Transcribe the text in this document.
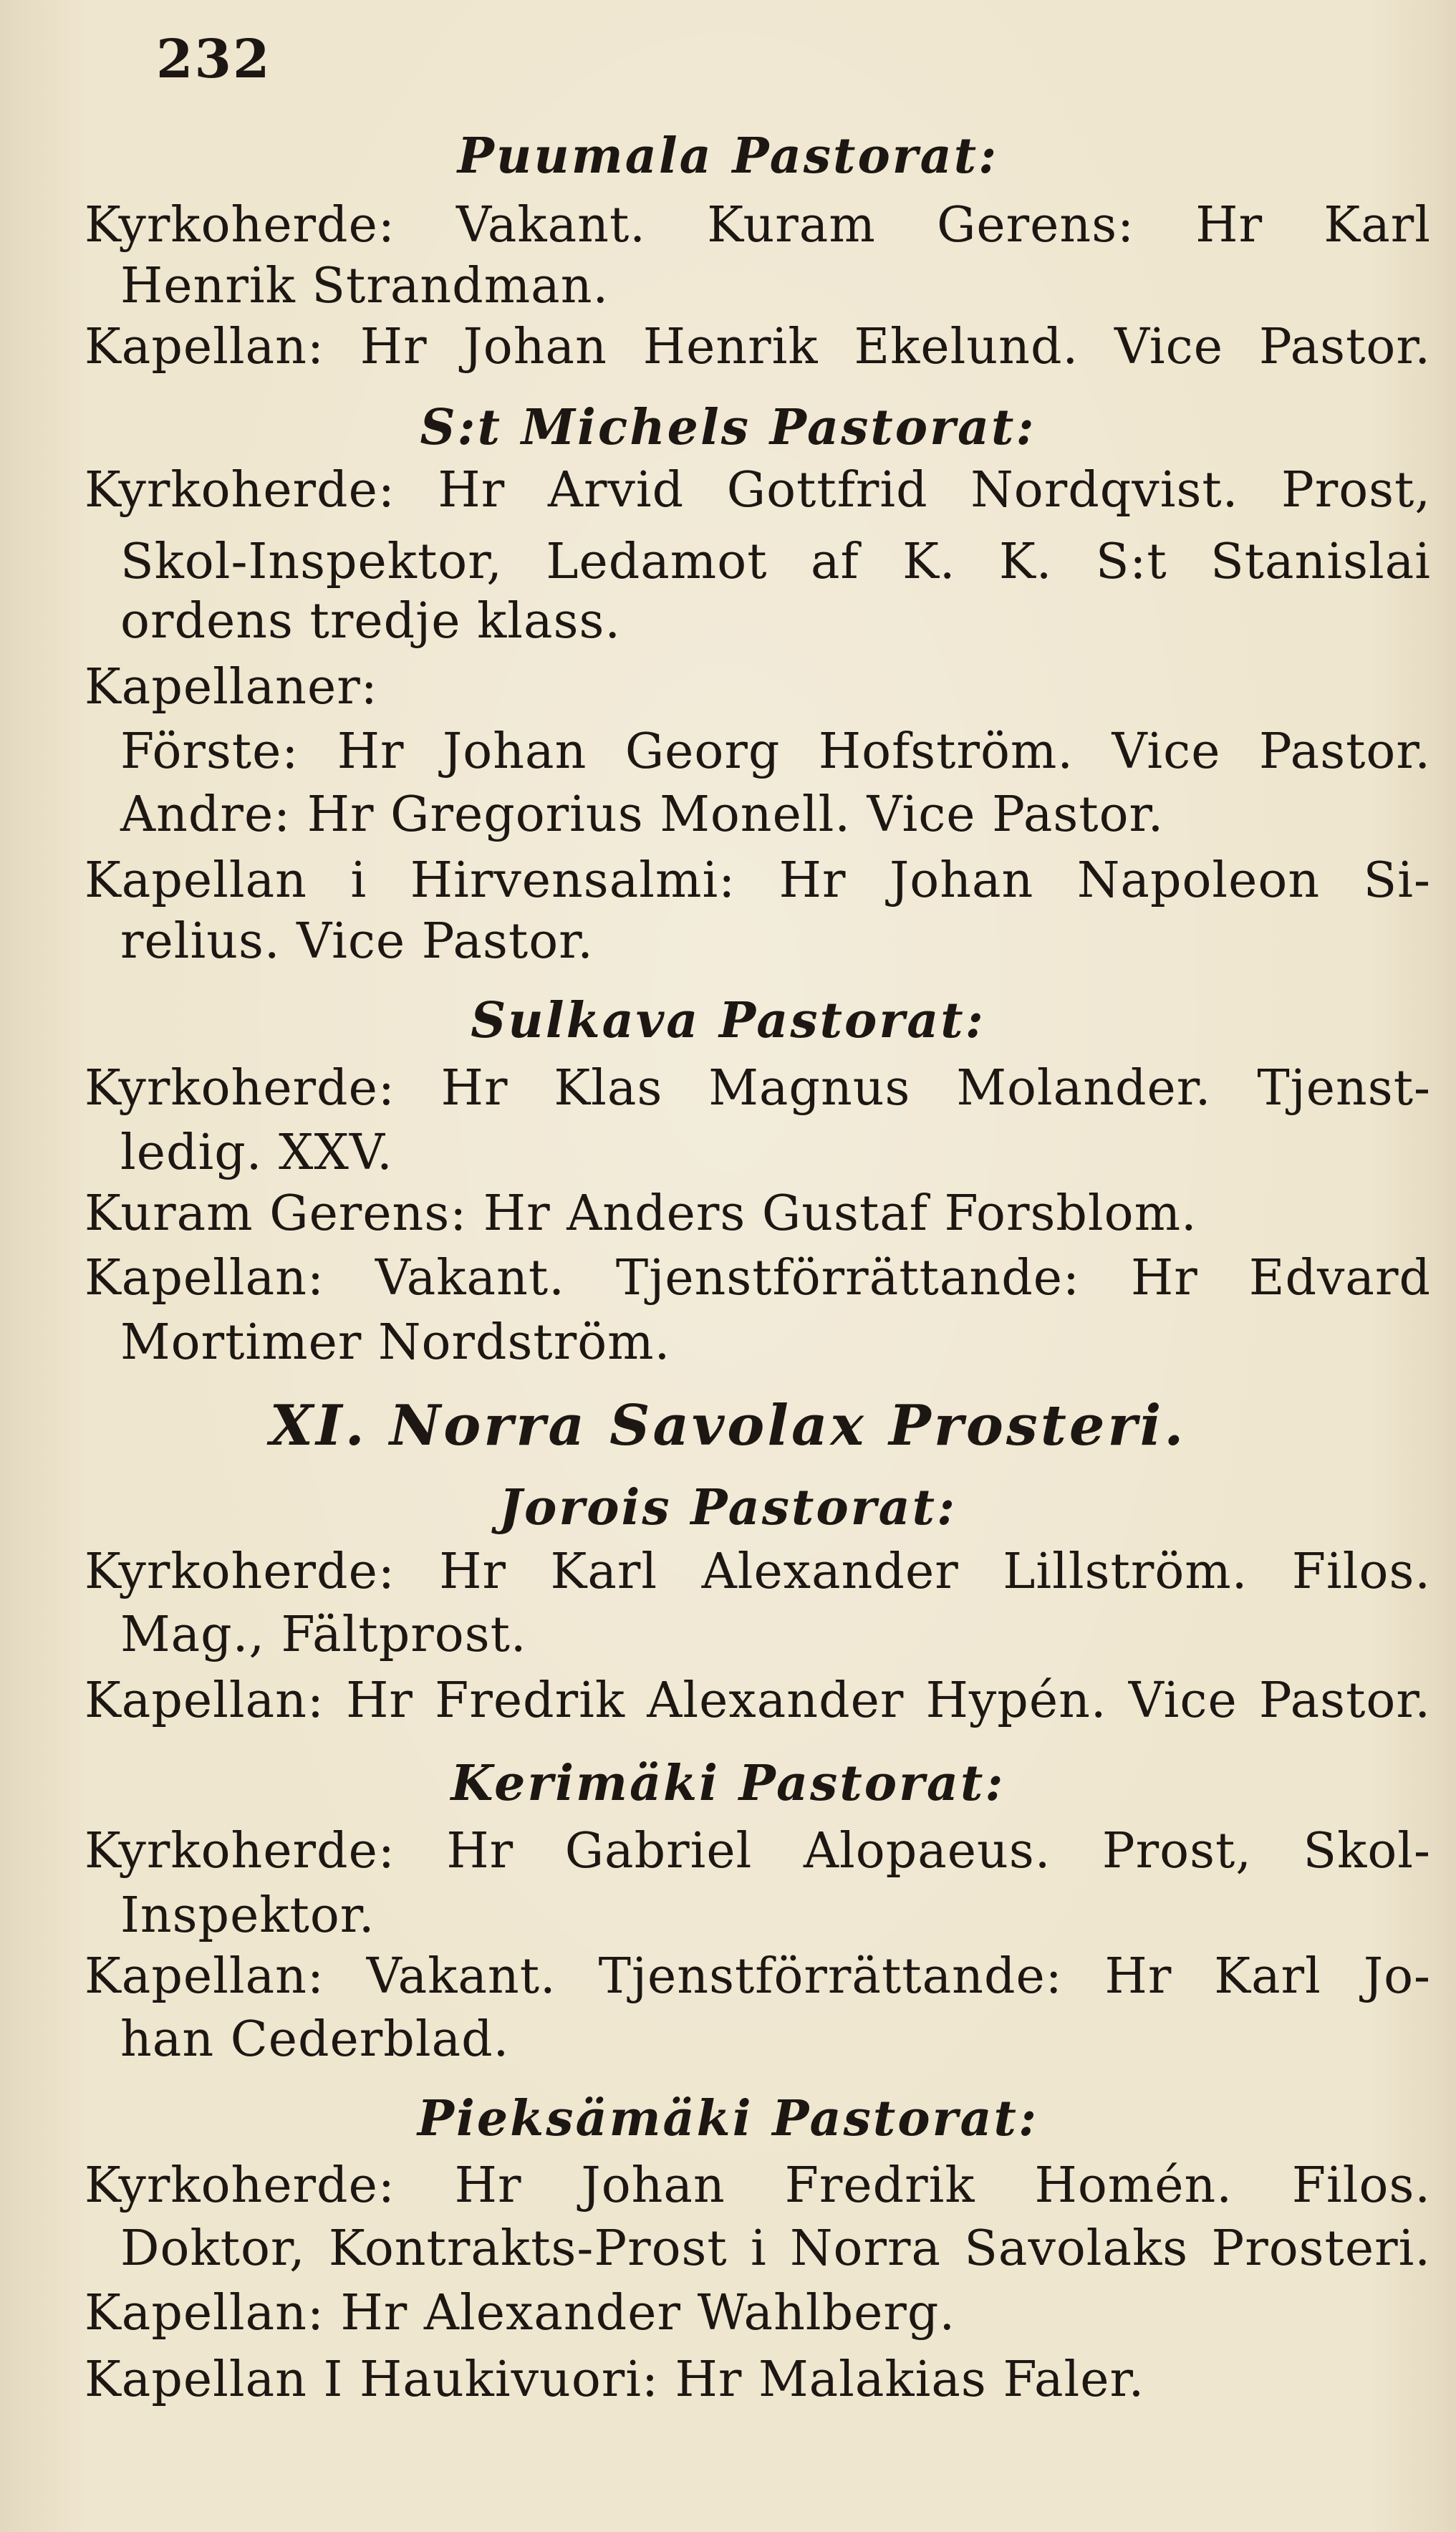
232
Puumala Pastorat:
Kyrkoherde: Vakant. Kuram Gerens: Hr Karl
Henrik Strandman.
Kapellan: Hr Johan Henrik Ekelund. Vice Pastor.
S:t Michels Pastorat:
Kyrkoherde: Hr Arvid Gottfrid Nordqvist. Prost,
Skol-Inspektor, Ledamot af K. K. S:t Stanislai
ordens tredje klass.
Kapellaner:
Förste: Hr Johan Georg Hofström. Vice Pastor.
Andre: Hr Gregorius Monell. Vice Pastor.
Kapellan i Hirvensalmi: Hr Johan Napoleon Si-
relius. Vice Pastor.
Sulkava Pastorat:
Kyrkoherde: Hr Klas Magnus Molander. Tjenst-
ledig. XXV.
Kuram Gerens: Hr Anders Gustaf Forsblom.
Kapellan: Vakant. Tjenstförrättande: Hr Edvard
Mortimer Nordström.
XI. Norra Savolax Prosteri.
Jorois Pastorat:
Kyrkoherde: Hr Karl Alexander Lillström. Filos.
Mag., Fältprost.
Kapellan: Hr Fredrik Alexander Hypén. Vice Pastor.
Kerimäki Pastorat:
Kyrkoherde: Hr Gabriel Alopaeus. Prost, Skol-
Inspektor.
Kapellan: Vakant. Tjenstförrättande: Hr Karl Jo-
han Cederblad.
Pieksämäki Pastorat:
Kyrkoherde: Hr Johan Fredrik Homén. Filos.
Doktor, Kontrakts-Prost i Norra Savolaks Prosteri.
Kapellan: Hr Alexander Wahlberg.
Kapellan I Haukivuori: Hr Malakias Faler.
